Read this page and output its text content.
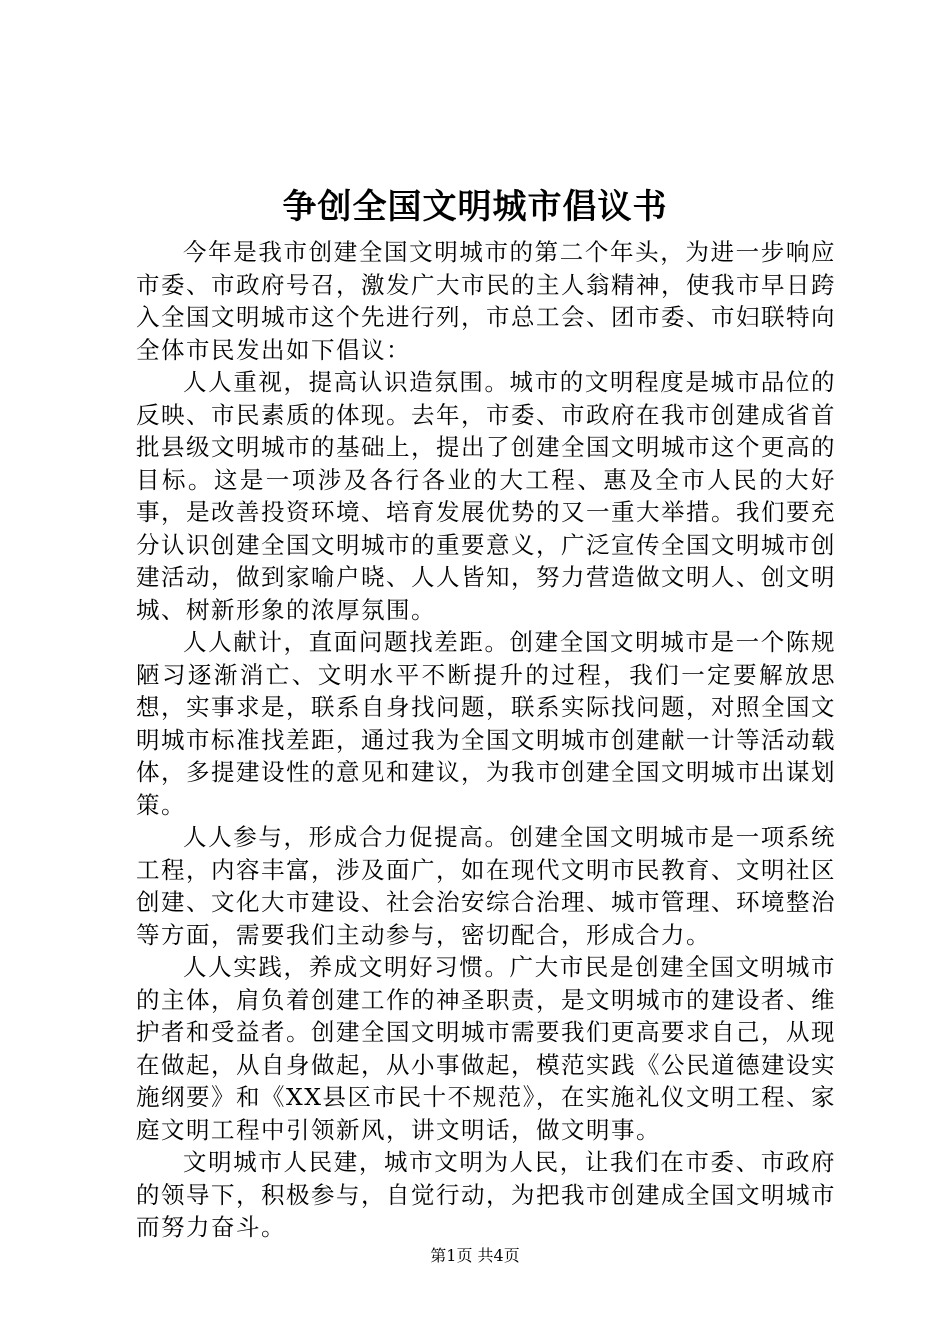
争创全国文明城市倡议书

今年是我市创建全国文明城市的第二个年头，为进一步响应市委、市政府号召，激发广大市民的主人翁精神，使我市早日跨入全国文明城市这个先进行列，市总工会、团市委、市妇联特向全体市民发出如下倡议：

人人重视，提高认识造氛围。城市的文明程度是城市品位的反映、市民素质的体现。去年，市委、市政府在我市创建成省首批县级文明城市的基础上，提出了创建全国文明城市这个更高的目标。这是一项涉及各行各业的大工程、惠及全市人民的大好事，是改善投资环境、培育发展优势的又一重大举措。我们要充分认识创建全国文明城市的重要意义，广泛宣传全国文明城市创建活动，做到家喻户晓、人人皆知，努力营造做文明人、创文明城、树新形象的浓厚氛围。

人人献计，直面问题找差距。创建全国文明城市是一个陈规陋习逐渐消亡、文明水平不断提升的过程，我们一定要解放思想，实事求是，联系自身找问题，联系实际找问题，对照全国文明城市标准找差距，通过我为全国文明城市创建献一计等活动载体，多提建设性的意见和建议，为我市创建全国文明城市出谋划策。

人人参与，形成合力促提高。创建全国文明城市是一项系统工程，内容丰富，涉及面广，如在现代文明市民教育、文明社区创建、文化大市建设、社会治安综合治理、城市管理、环境整治等方面，需要我们主动参与，密切配合，形成合力。

人人实践，养成文明好习惯。广大市民是创建全国文明城市的主体，肩负着创建工作的神圣职责，是文明城市的建设者、维护者和受益者。创建全国文明城市需要我们更高要求自己，从现在做起，从自身做起，从小事做起，模范实践《公民道德建设实施纲要》和《XX县区市民十不规范》，在实施礼仪文明工程、家庭文明工程中引领新风，讲文明话，做文明事。

文明城市人民建，城市文明为人民，让我们在市委、市政府的领导下，积极参与，自觉行动，为把我市创建成全国文明城市而努力奋斗。

第1页 共4页
